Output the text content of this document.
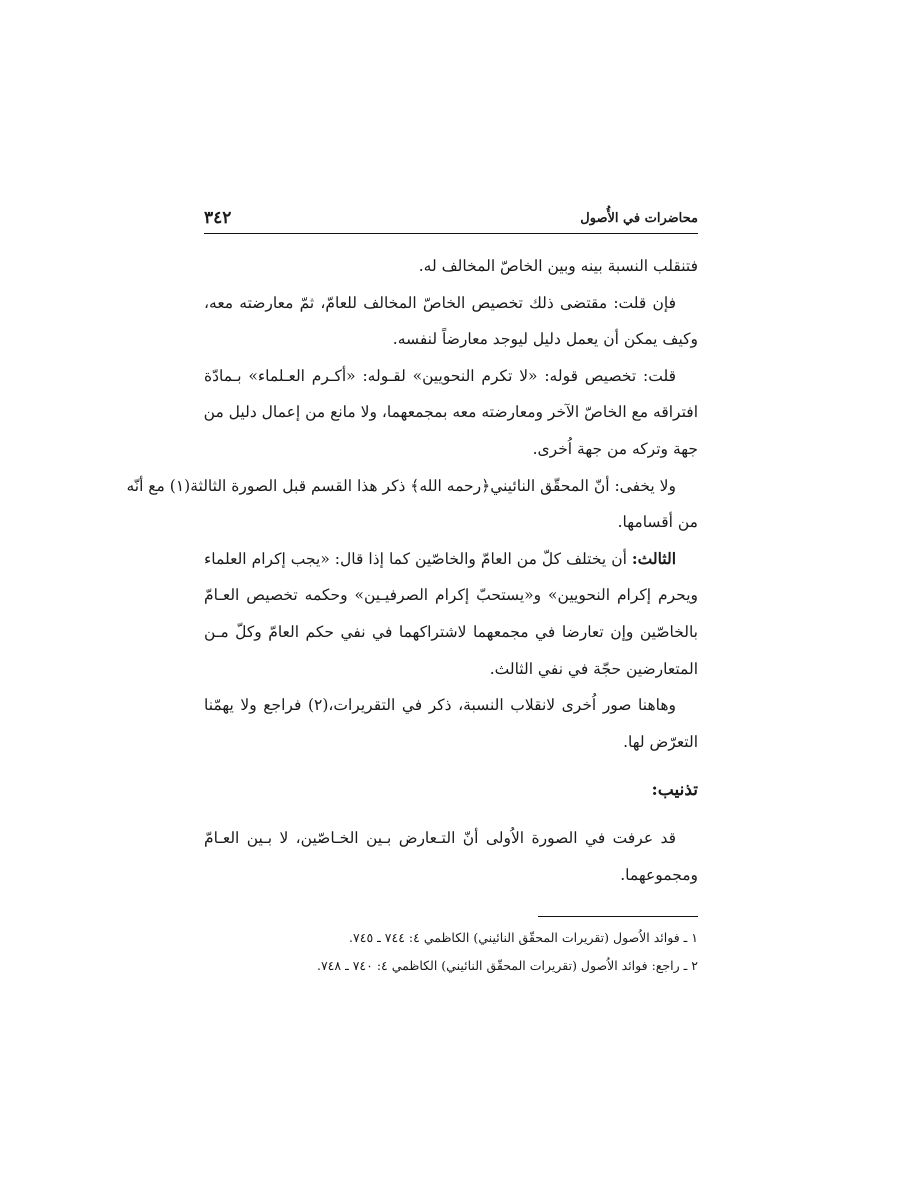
محاضرات في الأُصول
٣٤٢
فتنقلب النسبة بينه وبين الخاصّ المخالف له.
فإن قلت: مقتضى ذلك تخصيص الخاصّ المخالف للعامّ، ثمّ معارضته معه،
وكيف يمكن أن يعمل دليل ليوجد معارضاً لنفسه.
قلت: تخصيص قوله: «لا تكرم النحويين» لقـوله: «أكـرم العـلماء» بـمادّة
افتراقه مع الخاصّ الآخر ومعارضته معه بمجمعهما، ولا مانع من إعمال دليل من
جهة وتركه من جهة اُخرى.
ولا يخفى: أنّ المحقّق النائيني﴿رحمه الله﴾ ذكر هذا القسم قبل الصورة الثالثة(١) مع أنّه
من أقسامها.
الثالث: أن يختلف كلّ من العامّ والخاصّين كما إذا قال: «يجب إكرام العلماء
ويحرم إكرام النحويين» و«يستحبّ إكرام الصرفيـين» وحكمه تخصيص العـامّ
بالخاصّين وإن تعارضا في مجمعهما لاشتراكهما في نفي حكم العامّ وكلّ مـن
المتعارضين حجّة في نفي الثالث.
وهاهنا صور اُخرى لانقلاب النسبة، ذكر في التقريرات،(٢) فراجع ولا يهمّنا
التعرّض لها.
تذنيب:
قد عرفت في الصورة الاُولى أنّ التـعارض بـين الخـاصّين، لا بـين العـامّ
ومجموعهما.
١ ـ فوائد الاُصول (تقريرات المحقّق النائيني) الكاظمي ٤: ٧٤٤ ـ ٧٤٥.
٢ ـ راجع: فوائد الاُصول (تقريرات المحقّق النائيني) الكاظمي ٤: ٧٤٠ ـ ٧٤٨.
